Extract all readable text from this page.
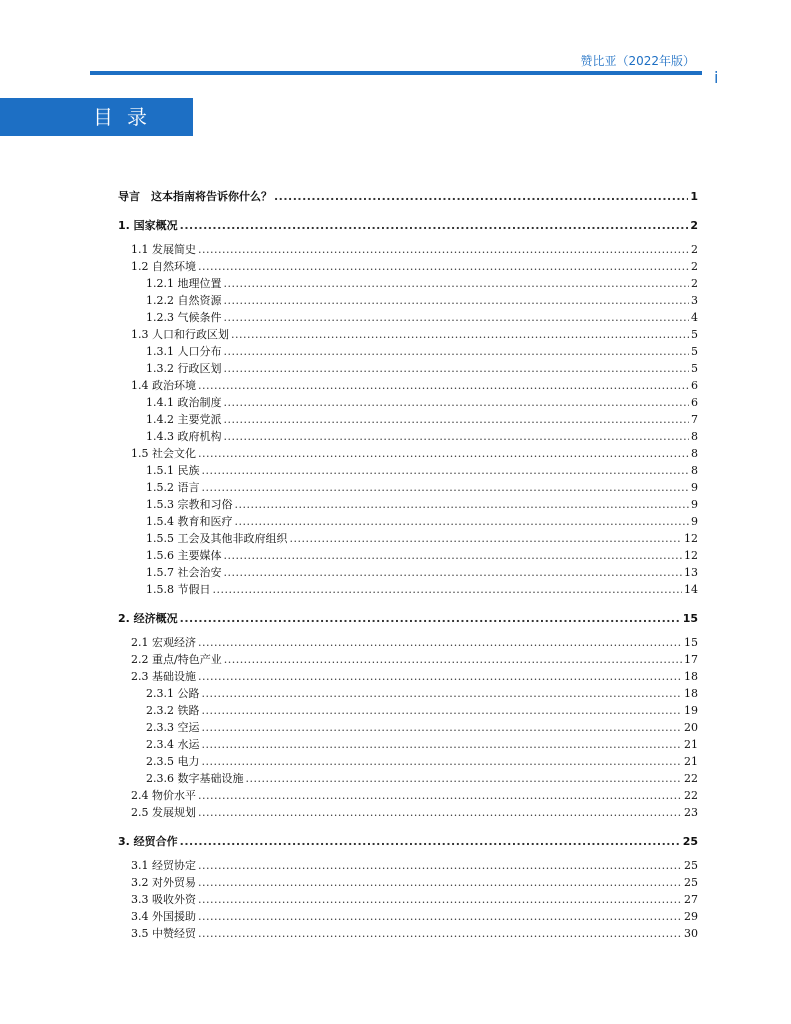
赞比亚（2022年版）
i
目录
导言　这本指南将告诉你什么？ .....	1
1. 国家概况 .....	2
1.1 发展简史 .....	2
1.2 自然环境 .....	2
1.2.1 地理位置 .....	2
1.2.2 自然资源 .....	3
1.2.3 气候条件 .....	4
1.3 人口和行政区划 .....	5
1.3.1 人口分布 .....	5
1.3.2 行政区划 .....	5
1.4 政治环境 .....	6
1.4.1 政治制度 .....	6
1.4.2 主要党派 .....	7
1.4.3 政府机构 .....	8
1.5 社会文化 .....	8
1.5.1 民族 .....	8
1.5.2 语言 .....	9
1.5.3 宗教和习俗 .....	9
1.5.4 教育和医疗 .....	9
1.5.5 工会及其他非政府组织 .....	12
1.5.6 主要媒体 .....	12
1.5.7 社会治安 .....	13
1.5.8 节假日 .....	14
2. 经济概况 .....	15
2.1 宏观经济 .....	15
2.2 重点/特色产业 .....	17
2.3 基础设施 .....	18
2.3.1 公路 .....	18
2.3.2 铁路 .....	19
2.3.3 空运 .....	20
2.3.4 水运 .....	21
2.3.5 电力 .....	21
2.3.6 数字基础设施 .....	22
2.4 物价水平 .....	22
2.5 发展规划 .....	23
3. 经贸合作 .....	25
3.1 经贸协定 .....	25
3.2 对外贸易 .....	25
3.3 吸收外资 .....	27
3.4 外国援助 .....	29
3.5 中赞经贸 .....	30
